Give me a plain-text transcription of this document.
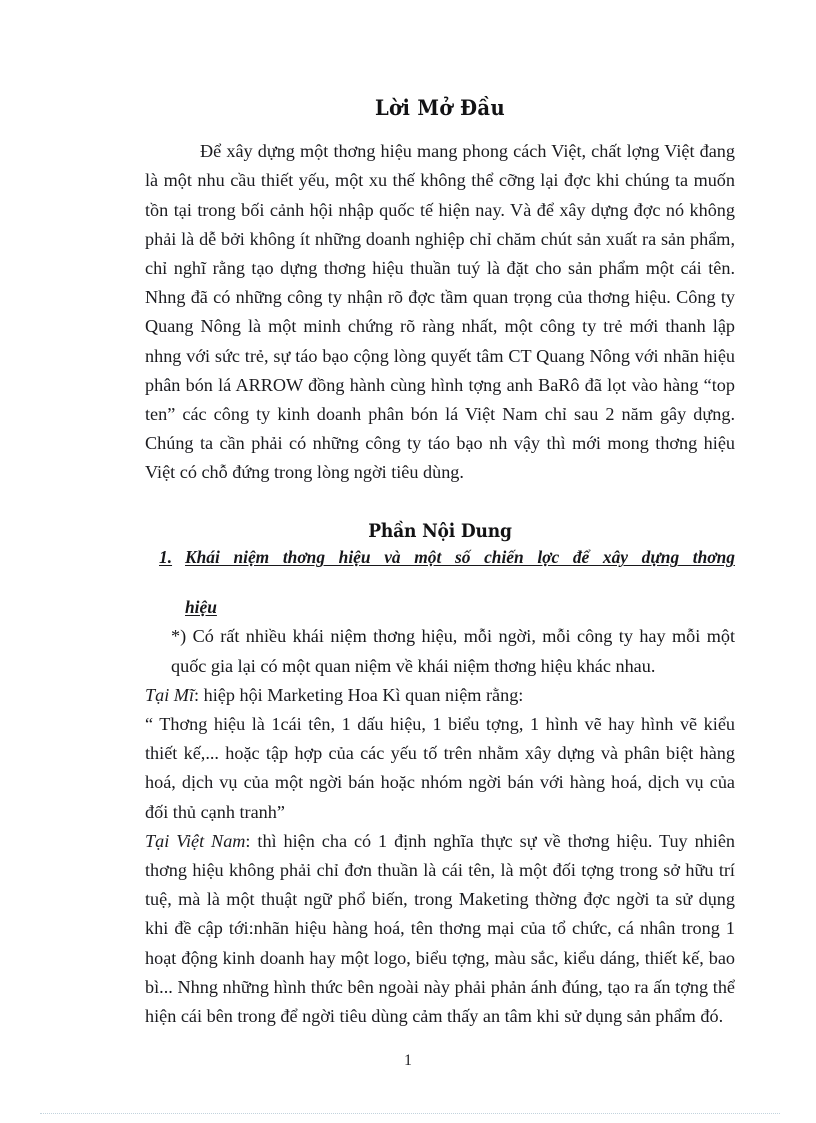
Lời Mở Đầu

Để xây dựng một thơng hiệu mang phong cách Việt, chất lợng Việt đang là một nhu cầu thiết yếu, một xu thế không thể cỡng lại đợc khi chúng ta muốn tồn tại trong bối cảnh hội nhập quốc tế hiện nay. Và để xây dựng đợc nó không phải là dễ bởi không ít những doanh nghiệp chỉ chăm chút sản xuất ra sản phẩm, chỉ nghĩ rằng tạo dựng thơng hiệu thuần tuý là đặt cho sản phẩm một cái tên. Nhng đã có những công ty nhận rõ đợc tầm quan trọng của thơng hiệu. Công ty Quang Nông là một minh chứng rõ ràng nhất, một công ty trẻ mới thanh lập nhng với sức trẻ, sự táo bạo cộng lòng quyết tâm CT Quang Nông với nhãn hiệu phân bón lá ARROW đồng hành cùng hình tợng anh BaRô đã lọt vào hàng “top ten” các công ty kinh doanh phân bón lá Việt Nam chỉ sau 2 năm gây dựng. Chúng ta cần phải có những công ty táo bạo nh vậy thì mới mong thơng hiệu Việt có chỗ đứng trong lòng ngời tiêu dùng.

Phần Nội Dung
1. Khái niệm thơng hiệu và một số chiến lợc để xây dựng thơng
hiệu

*) Có rất nhiều khái niệm thơng hiệu, mỗi ngời, mỗi công ty hay mỗi một quốc gia lại có một quan niệm về khái niệm thơng hiệu khác nhau.

Tại Mĩ: hiệp hội Marketing Hoa Kì quan niệm rằng:

“ Thơng hiệu là 1cái tên, 1 dấu hiệu, 1 biểu tợng, 1 hình vẽ hay hình vẽ kiểu thiết kế,... hoặc tập hợp của các yếu tố trên nhằm xây dựng và phân biệt hàng hoá, dịch vụ của một ngời bán hoặc nhóm ngời bán với hàng hoá, dịch vụ của đối thủ cạnh tranh”

Tại Việt Nam: thì hiện cha có 1 định nghĩa thực sự về thơng hiệu. Tuy nhiên thơng hiệu không phải chỉ đơn thuần là cái tên, là một đối tợng trong sở hữu trí tuệ, mà là một thuật ngữ phổ biến, trong Maketing thờng đợc ngời ta sử dụng khi đề cập tới:nhãn hiệu hàng hoá, tên thơng mại của tổ chức, cá nhân trong 1 hoạt động kinh doanh hay một logo, biểu tợng, màu sắc, kiểu dáng, thiết kế, bao bì... Nhng những hình thức bên ngoài này phải phản ánh đúng, tạo ra ấn tợng thể hiện cái bên trong để ngời tiêu dùng cảm thấy an tâm khi sử dụng sản phẩm đó.

1
